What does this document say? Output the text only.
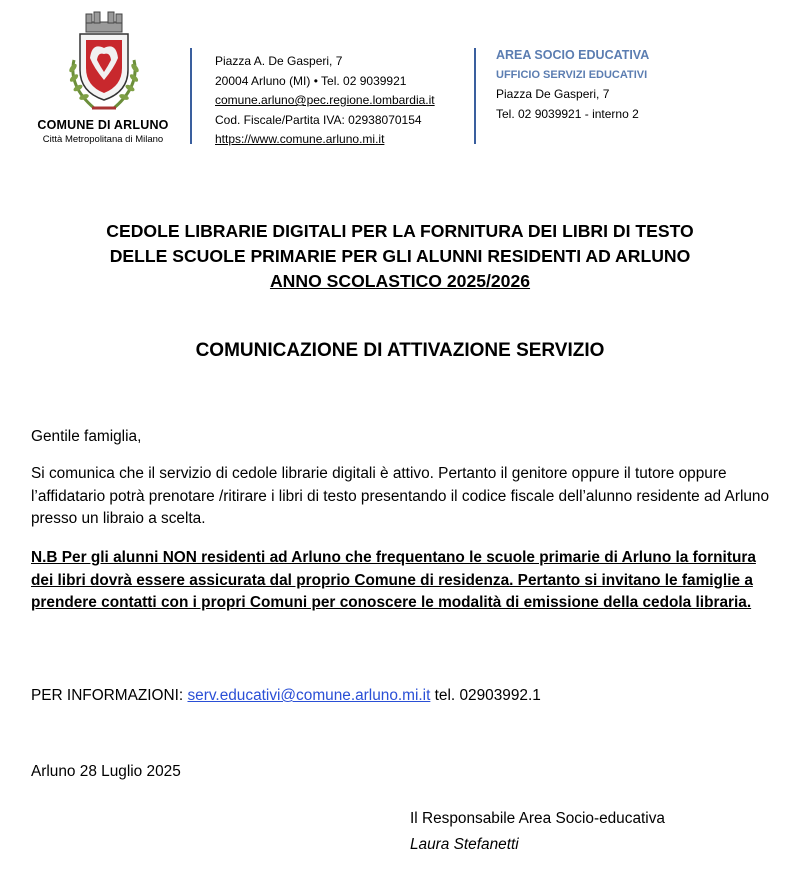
COMUNE DI ARLUNO
Città Metropolitana di Milano
Piazza A. De Gasperi, 7
20004 Arluno (MI) • Tel. 02 9039921
comune.arluno@pec.regione.lombardia.it
Cod. Fiscale/Partita IVA: 02938070154
https://www.comune.arluno.mi.it
AREA SOCIO EDUCATIVA
UFFICIO SERVIZI EDUCATIVI
Piazza De Gasperi, 7
Tel. 02 9039921 - interno 2
CEDOLE LIBRARIE DIGITALI PER LA FORNITURA DEI LIBRI DI TESTO
DELLE SCUOLE PRIMARIE PER GLI ALUNNI RESIDENTI AD ARLUNO
ANNO SCOLASTICO 2025/2026
COMUNICAZIONE DI ATTIVAZIONE SERVIZIO
Gentile famiglia,
Si comunica che il servizio di cedole librarie digitali è attivo. Pertanto il genitore oppure il tutore oppure l’affidatario potrà prenotare /ritirare i libri di testo presentando il codice fiscale dell’alunno residente ad Arluno presso un libraio a scelta.
N.B Per gli alunni NON residenti ad Arluno che frequentano le scuole primarie di Arluno la fornitura dei libri dovrà essere assicurata dal proprio Comune di residenza. Pertanto si invitano le famiglie a prendere contatti con i propri Comuni per conoscere le modalità di emissione della cedola libraria.
PER INFORMAZIONI: serv.educativi@comune.arluno.mi.it tel. 02903992.1
Arluno 28 Luglio 2025
Il Responsabile Area Socio-educativa
Laura Stefanetti
